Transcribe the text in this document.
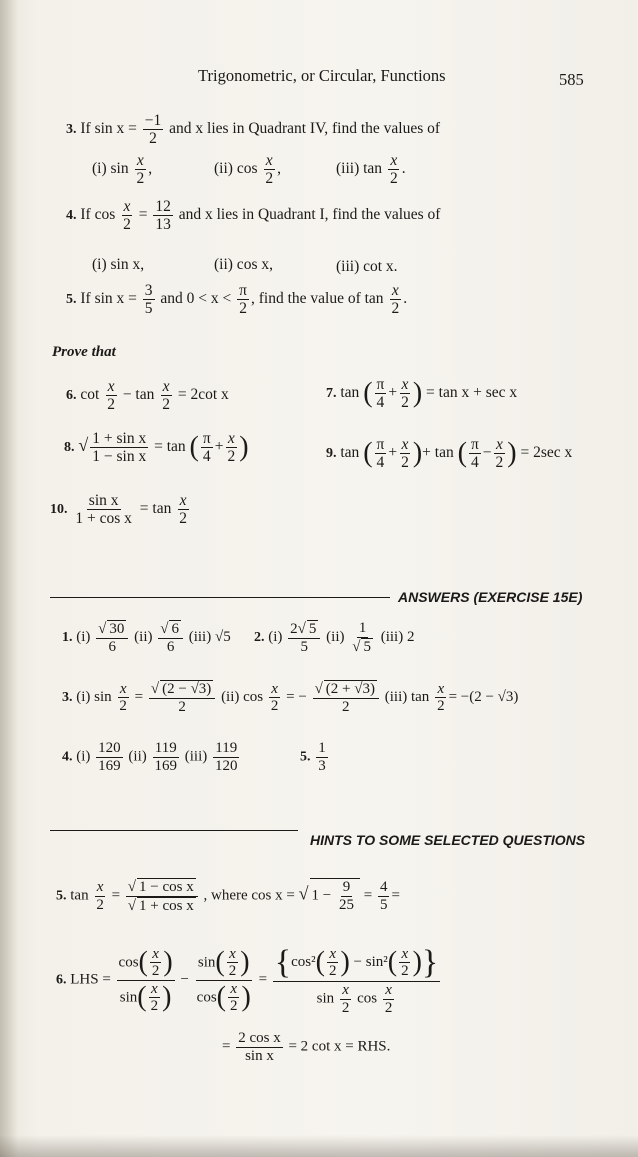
Trigonometric, or Circular, Functions	585
3. If $\sin x = \frac{-1}{2}$ and x lies in Quadrant IV, find the values of
(i) $\sin \frac{x}{2}$ ,	(ii) $\cos \frac{x}{2}$ ,	(iii) $\tan \frac{x}{2}$ .
4. If $\cos \frac{x}{2} = \frac{12}{13}$ and x lies in Quadrant I, find the values of
(i) sin x,	(ii) cos x,	(iii) cot x.
5. If $\sin x = \frac{3}{5}$ and $0 < x < \frac{\pi}{2}$ , find the value of $\tan \frac{x}{2}$ .
Prove that
6. $\cot \frac{x}{2} - \tan \frac{x}{2} = 2\cot$ x	7. tan ( $\frac{\pi}{4} + \frac{x}{2}$ ) = tan x + sec x
8. √ $\frac{\text{1 + sin x}}{\text{1 − sin x}} = \tan$ ( $\frac{\pi}{4} + \frac{x}{2}$ )	9. tan ( $\frac{\pi}{4} + \frac{x}{2}$ )+ tan ( $\frac{\pi}{4} - \frac{x}{2}$ ) = 2sec x
10. $\frac{\text{sin x}}{\text{1 + cos x}} = \tan \frac{x}{2}$
ANSWERS (EXERCISE 15E)
1. $(i) \frac{√ 30}{6} (ii) \frac{√ 6}{6} (iii)$ √5 2. $(i) \frac{2√ 5}{5} (ii) \frac{1}{√ 5} (iii)$ 2
3. (i) $\sin \frac{x}{2} = \frac{√ (2 - √3)}{2} (ii)$ $\cos \frac{x}{2}$ = − $\frac{√ (2 + √3)}{2} (iii)$ $\tan \frac{x}{2} = -(2 - √3)$
4. $(i) \frac{120}{169} (ii) \frac{119}{169} (iii) \frac{119}{120}$	5. $\frac{1}{3}$
HINTS TO SOME SELECTED QUESTIONS
5. $\tan \frac{x}{2} = \frac{\text{√ 1 − cos x}}{\text{√ 1 + cos x}}$ , where cos x = √ $1 - \frac{9}{25} = \frac{4}{5}$ =
6. LHS = $\frac{\cos( \frac{x}{2} )}{\sin( \frac{x}{2} )} - \frac{\sin( \frac{x}{2} )}{\cos( \frac{x}{2} )} = \frac{\{\cos^2( \frac{x}{2} ) - \sin^2( \frac{x}{2} )\}}{\sin \frac{x}{2} \cos \frac{x}{2}}$
= $\frac{\text{2 cos x}}{\text{sin x}} = 2$ cot x = RHS.
